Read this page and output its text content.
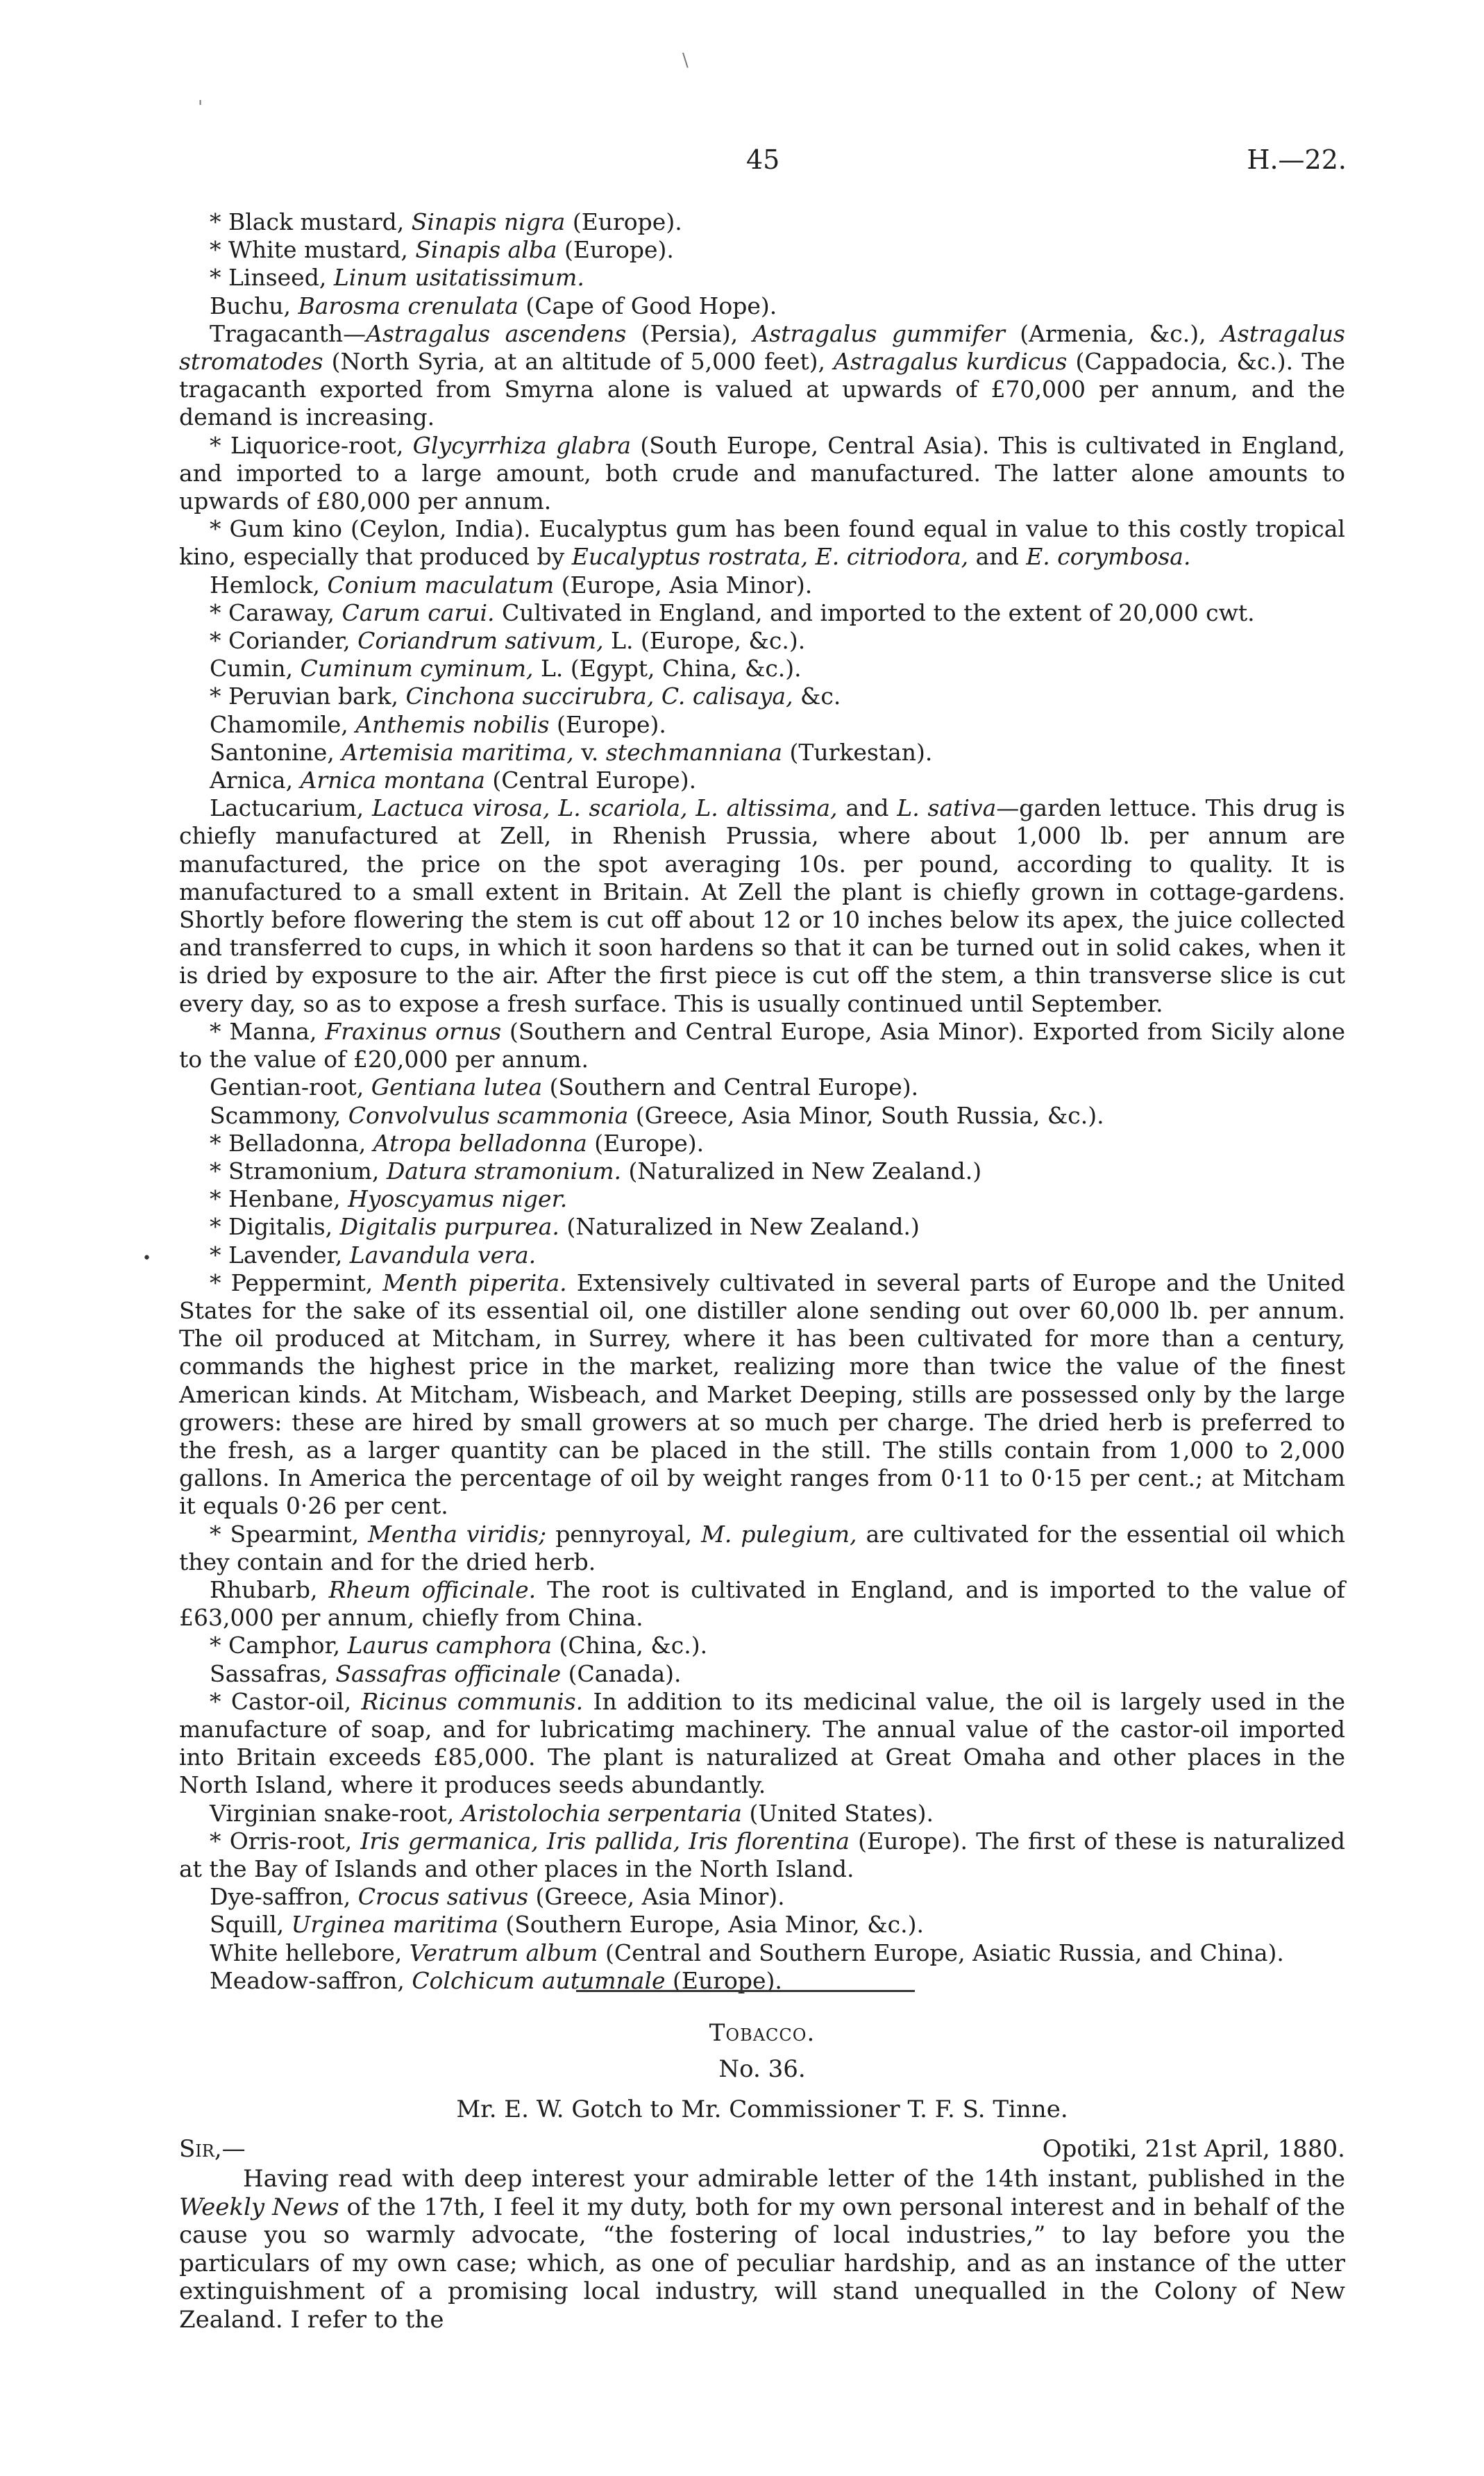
\
'
•
45	H.—22.

* Black mustard, Sinapis nigra (Europe).

* White mustard, Sinapis alba (Europe).

* Linseed, Linum usitatissimum.

Buchu, Barosma crenulata (Cape of Good Hope).

Tragacanth—Astragalus ascendens (Persia), Astragalus gummifer (Armenia, &c.), Astragalus stromatodes (North Syria, at an altitude of 5,000 feet), Astragalus kurdicus (Cappadocia, &c.). The tragacanth exported from Smyrna alone is valued at upwards of £70,000 per annum, and the demand is increasing.

* Liquorice-root, Glycyrrhiza glabra (South Europe, Central Asia). This is cultivated in England, and imported to a large amount, both crude and manufactured. The latter alone amounts to upwards of £80,000 per annum.

* Gum kino (Ceylon, India). Eucalyptus gum has been found equal in value to this costly tropical kino, especially that produced by Eucalyptus rostrata, E. citriodora, and E. corymbosa.

Hemlock, Conium maculatum (Europe, Asia Minor).

* Caraway, Carum carui. Cultivated in England, and imported to the extent of 20,000 cwt.

* Coriander, Coriandrum sativum, L. (Europe, &c.).

Cumin, Cuminum cyminum, L. (Egypt, China, &c.).

* Peruvian bark, Cinchona succirubra, C. calisaya, &c.

Chamomile, Anthemis nobilis (Europe).

Santonine, Artemisia maritima, v. stechmanniana (Turkestan).

Arnica, Arnica montana (Central Europe).

Lactucarium, Lactuca virosa, L. scariola, L. altissima, and L. sativa—garden lettuce. This drug is chiefly manufactured at Zell, in Rhenish Prussia, where about 1,000 lb. per annum are manufactured, the price on the spot averaging 10s. per pound, according to quality. It is manufactured to a small extent in Britain. At Zell the plant is chiefly grown in cottage-gardens. Shortly before flowering the stem is cut off about 12 or 10 inches below its apex, the juice collected and transferred to cups, in which it soon hardens so that it can be turned out in solid cakes, when it is dried by exposure to the air. After the first piece is cut off the stem, a thin transverse slice is cut every day, so as to expose a fresh surface. This is usually continued until September.

* Manna, Fraxinus ornus (Southern and Central Europe, Asia Minor). Exported from Sicily alone to the value of £20,000 per annum.

Gentian-root, Gentiana lutea (Southern and Central Europe).

Scammony, Convolvulus scammonia (Greece, Asia Minor, South Russia, &c.).

* Belladonna, Atropa belladonna (Europe).

* Stramonium, Datura stramonium. (Naturalized in New Zealand.)

* Henbane, Hyoscyamus niger.

* Digitalis, Digitalis purpurea. (Naturalized in New Zealand.)

* Lavender, Lavandula vera.

* Peppermint, Menth piperita. Extensively cultivated in several parts of Europe and the United States for the sake of its essential oil, one distiller alone sending out over 60,000 lb. per annum. The oil produced at Mitcham, in Surrey, where it has been cultivated for more than a century, commands the highest price in the market, realizing more than twice the value of the finest American kinds. At Mitcham, Wisbeach, and Market Deeping, stills are possessed only by the large growers: these are hired by small growers at so much per charge. The dried herb is preferred to the fresh, as a larger quantity can be placed in the still. The stills contain from 1,000 to 2,000 gallons. In America the percentage of oil by weight ranges from 0·11 to 0·15 per cent.; at Mitcham it equals 0·26 per cent.

* Spearmint, Mentha viridis; pennyroyal, M. pulegium, are cultivated for the essential oil which they contain and for the dried herb.

Rhubarb, Rheum officinale. The root is cultivated in England, and is imported to the value of £63,000 per annum, chiefly from China.

* Camphor, Laurus camphora (China, &c.).

Sassafras, Sassafras officinale (Canada).

* Castor-oil, Ricinus communis. In addition to its medicinal value, the oil is largely used in the manufacture of soap, and for lubricatimg machinery. The annual value of the castor-oil imported into Britain exceeds £85,000. The plant is naturalized at Great Omaha and other places in the North Island, where it produces seeds abundantly.

Virginian snake-root, Aristolochia serpentaria (United States).

* Orris-root, Iris germanica, Iris pallida, Iris florentina (Europe). The first of these is naturalized at the Bay of Islands and other places in the North Island.

Dye-saffron, Crocus sativus (Greece, Asia Minor).

Squill, Urginea maritima (Southern Europe, Asia Minor, &c.).

White hellebore, Veratrum album (Central and Southern Europe, Asiatic Russia, and China).

Meadow-saffron, Colchicum autumnale (Europe).

Tobacco.
No. 36.
Mr. E. W. Gotch to Mr. Commissioner T. F. S. Tinne.
Sir,—	Opotiki, 21st April, 1880.

Having read with deep interest your admirable letter of the 14th instant, published in the Weekly News of the 17th, I feel it my duty, both for my own personal interest and in behalf of the cause you so warmly advocate, “the fostering of local industries,” to lay before you the particulars of my own case; which, as one of peculiar hardship, and as an instance of the utter extinguishment of a promising local industry, will stand unequalled in the Colony of New Zealand. I refer to the
